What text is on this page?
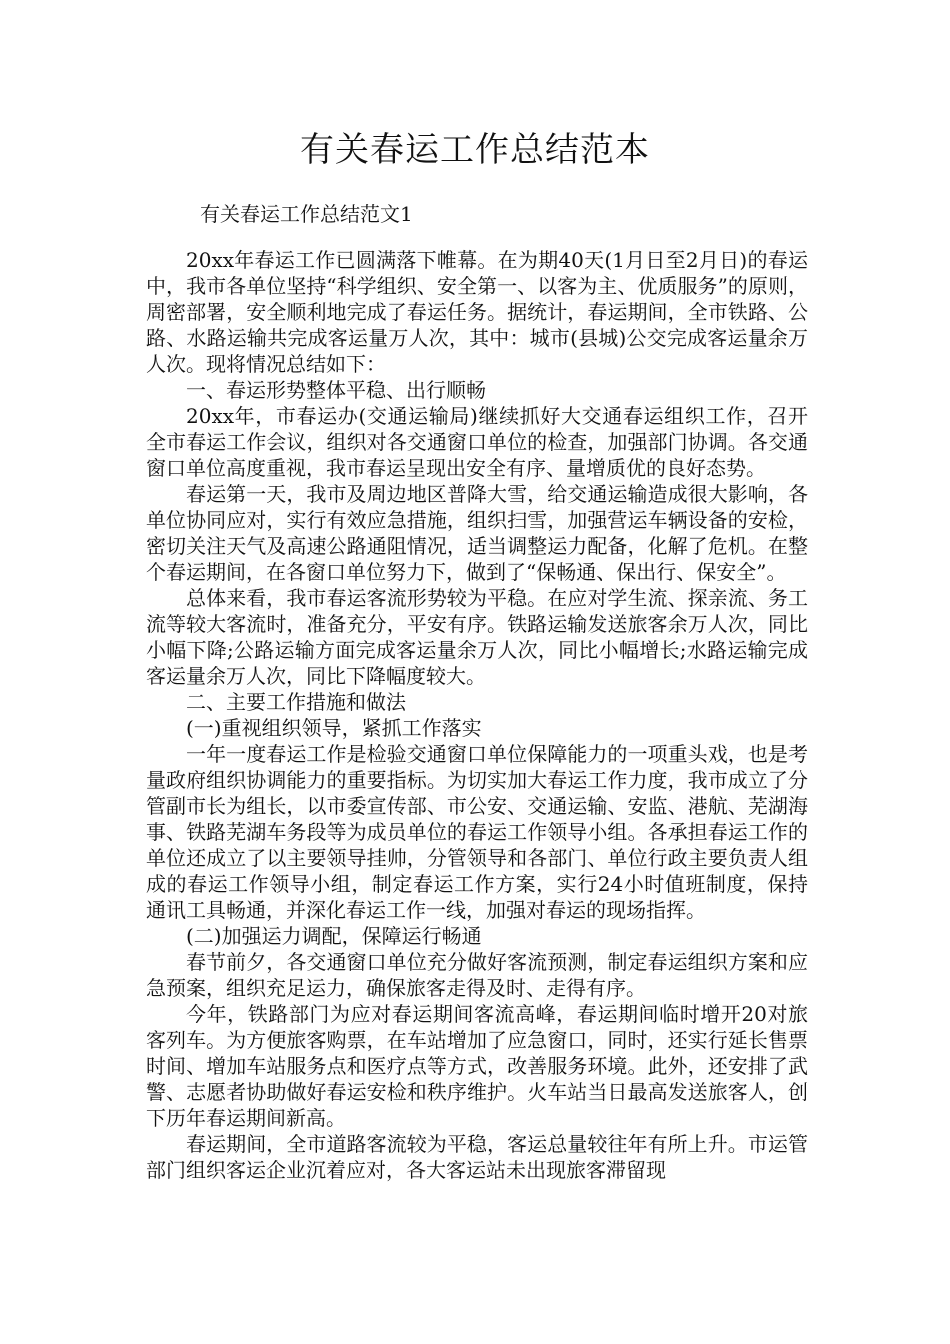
有关春运工作总结范本

有关春运工作总结范文1

20xx年春运工作已圆满落下帷幕。在为期40天(1月日至2月日)的春运中，我市各单位坚持“科学组织、安全第一、以客为主、优质服务”的原则，周密部署，安全顺利地完成了春运任务。据统计，春运期间，全市铁路、公路、水路运输共完成客运量万人次，其中：城市(县城)公交完成客运量余万人次。现将情况总结如下：

一、春运形势整体平稳、出行顺畅

20xx年，市春运办(交通运输局)继续抓好大交通春运组织工作，召开全市春运工作会议，组织对各交通窗口单位的检查，加强部门协调。各交通窗口单位高度重视，我市春运呈现出安全有序、量增质优的良好态势。

春运第一天，我市及周边地区普降大雪，给交通运输造成很大影响，各单位协同应对，实行有效应急措施，组织扫雪，加强营运车辆设备的安检，密切关注天气及高速公路通阻情况，适当调整运力配备，化解了危机。在整个春运期间，在各窗口单位努力下，做到了“保畅通、保出行、保安全”。

总体来看，我市春运客流形势较为平稳。在应对学生流、探亲流、务工流等较大客流时，准备充分，平安有序。铁路运输发送旅客余万人次，同比小幅下降;公路运输方面完成客运量余万人次，同比小幅增长;水路运输完成客运量余万人次，同比下降幅度较大。

二、主要工作措施和做法

(一)重视组织领导，紧抓工作落实

一年一度春运工作是检验交通窗口单位保障能力的一项重头戏，也是考量政府组织协调能力的重要指标。为切实加大春运工作力度，我市成立了分管副市长为组长，以市委宣传部、市公安、交通运输、安监、港航、芜湖海事、铁路芜湖车务段等为成员单位的春运工作领导小组。各承担春运工作的单位还成立了以主要领导挂帅，分管领导和各部门、单位行政主要负责人组成的春运工作领导小组，制定春运工作方案，实行24小时值班制度，保持通讯工具畅通，并深化春运工作一线，加强对春运的现场指挥。

(二)加强运力调配，保障运行畅通

春节前夕，各交通窗口单位充分做好客流预测，制定春运组织方案和应急预案，组织充足运力，确保旅客走得及时、走得有序。

今年，铁路部门为应对春运期间客流高峰，春运期间临时增开20对旅客列车。为方便旅客购票，在车站增加了应急窗口，同时，还实行延长售票时间、增加车站服务点和医疗点等方式，改善服务环境。此外，还安排了武警、志愿者协助做好春运安检和秩序维护。火车站当日最高发送旅客人，创下历年春运期间新高。

春运期间，全市道路客流较为平稳，客运总量较往年有所上升。市运管部门组织客运企业沉着应对，各大客运站未出现旅客滞留现
